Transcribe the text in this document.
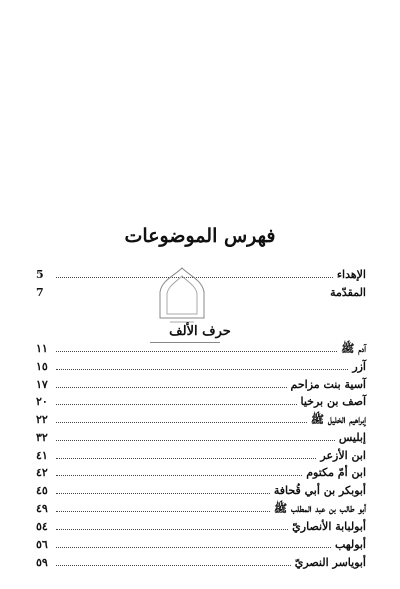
فهرس الموضوعات
الإهداء
5
المقدّمة
7
حرف الألف
آدم ﷺ
١١
آزر
١٥
آسية بنت مزاحم
١٧
آصف بن برخيا
٢٠
إبراهيم الخليل ﷺ
٢٢
إبليس
٣٢
ابن الأزعر
٤١
ابن أمّ مكتوم
٤٢
أبوبكر بن أبي قُحافة
٤٥
أبو طالب بن عبد المطلب ﷺ
٤٩
أبولبابة الأنصاريّ
٥٤
أبولهب
٥٦
أبوياسر النصريّ
٥٩
